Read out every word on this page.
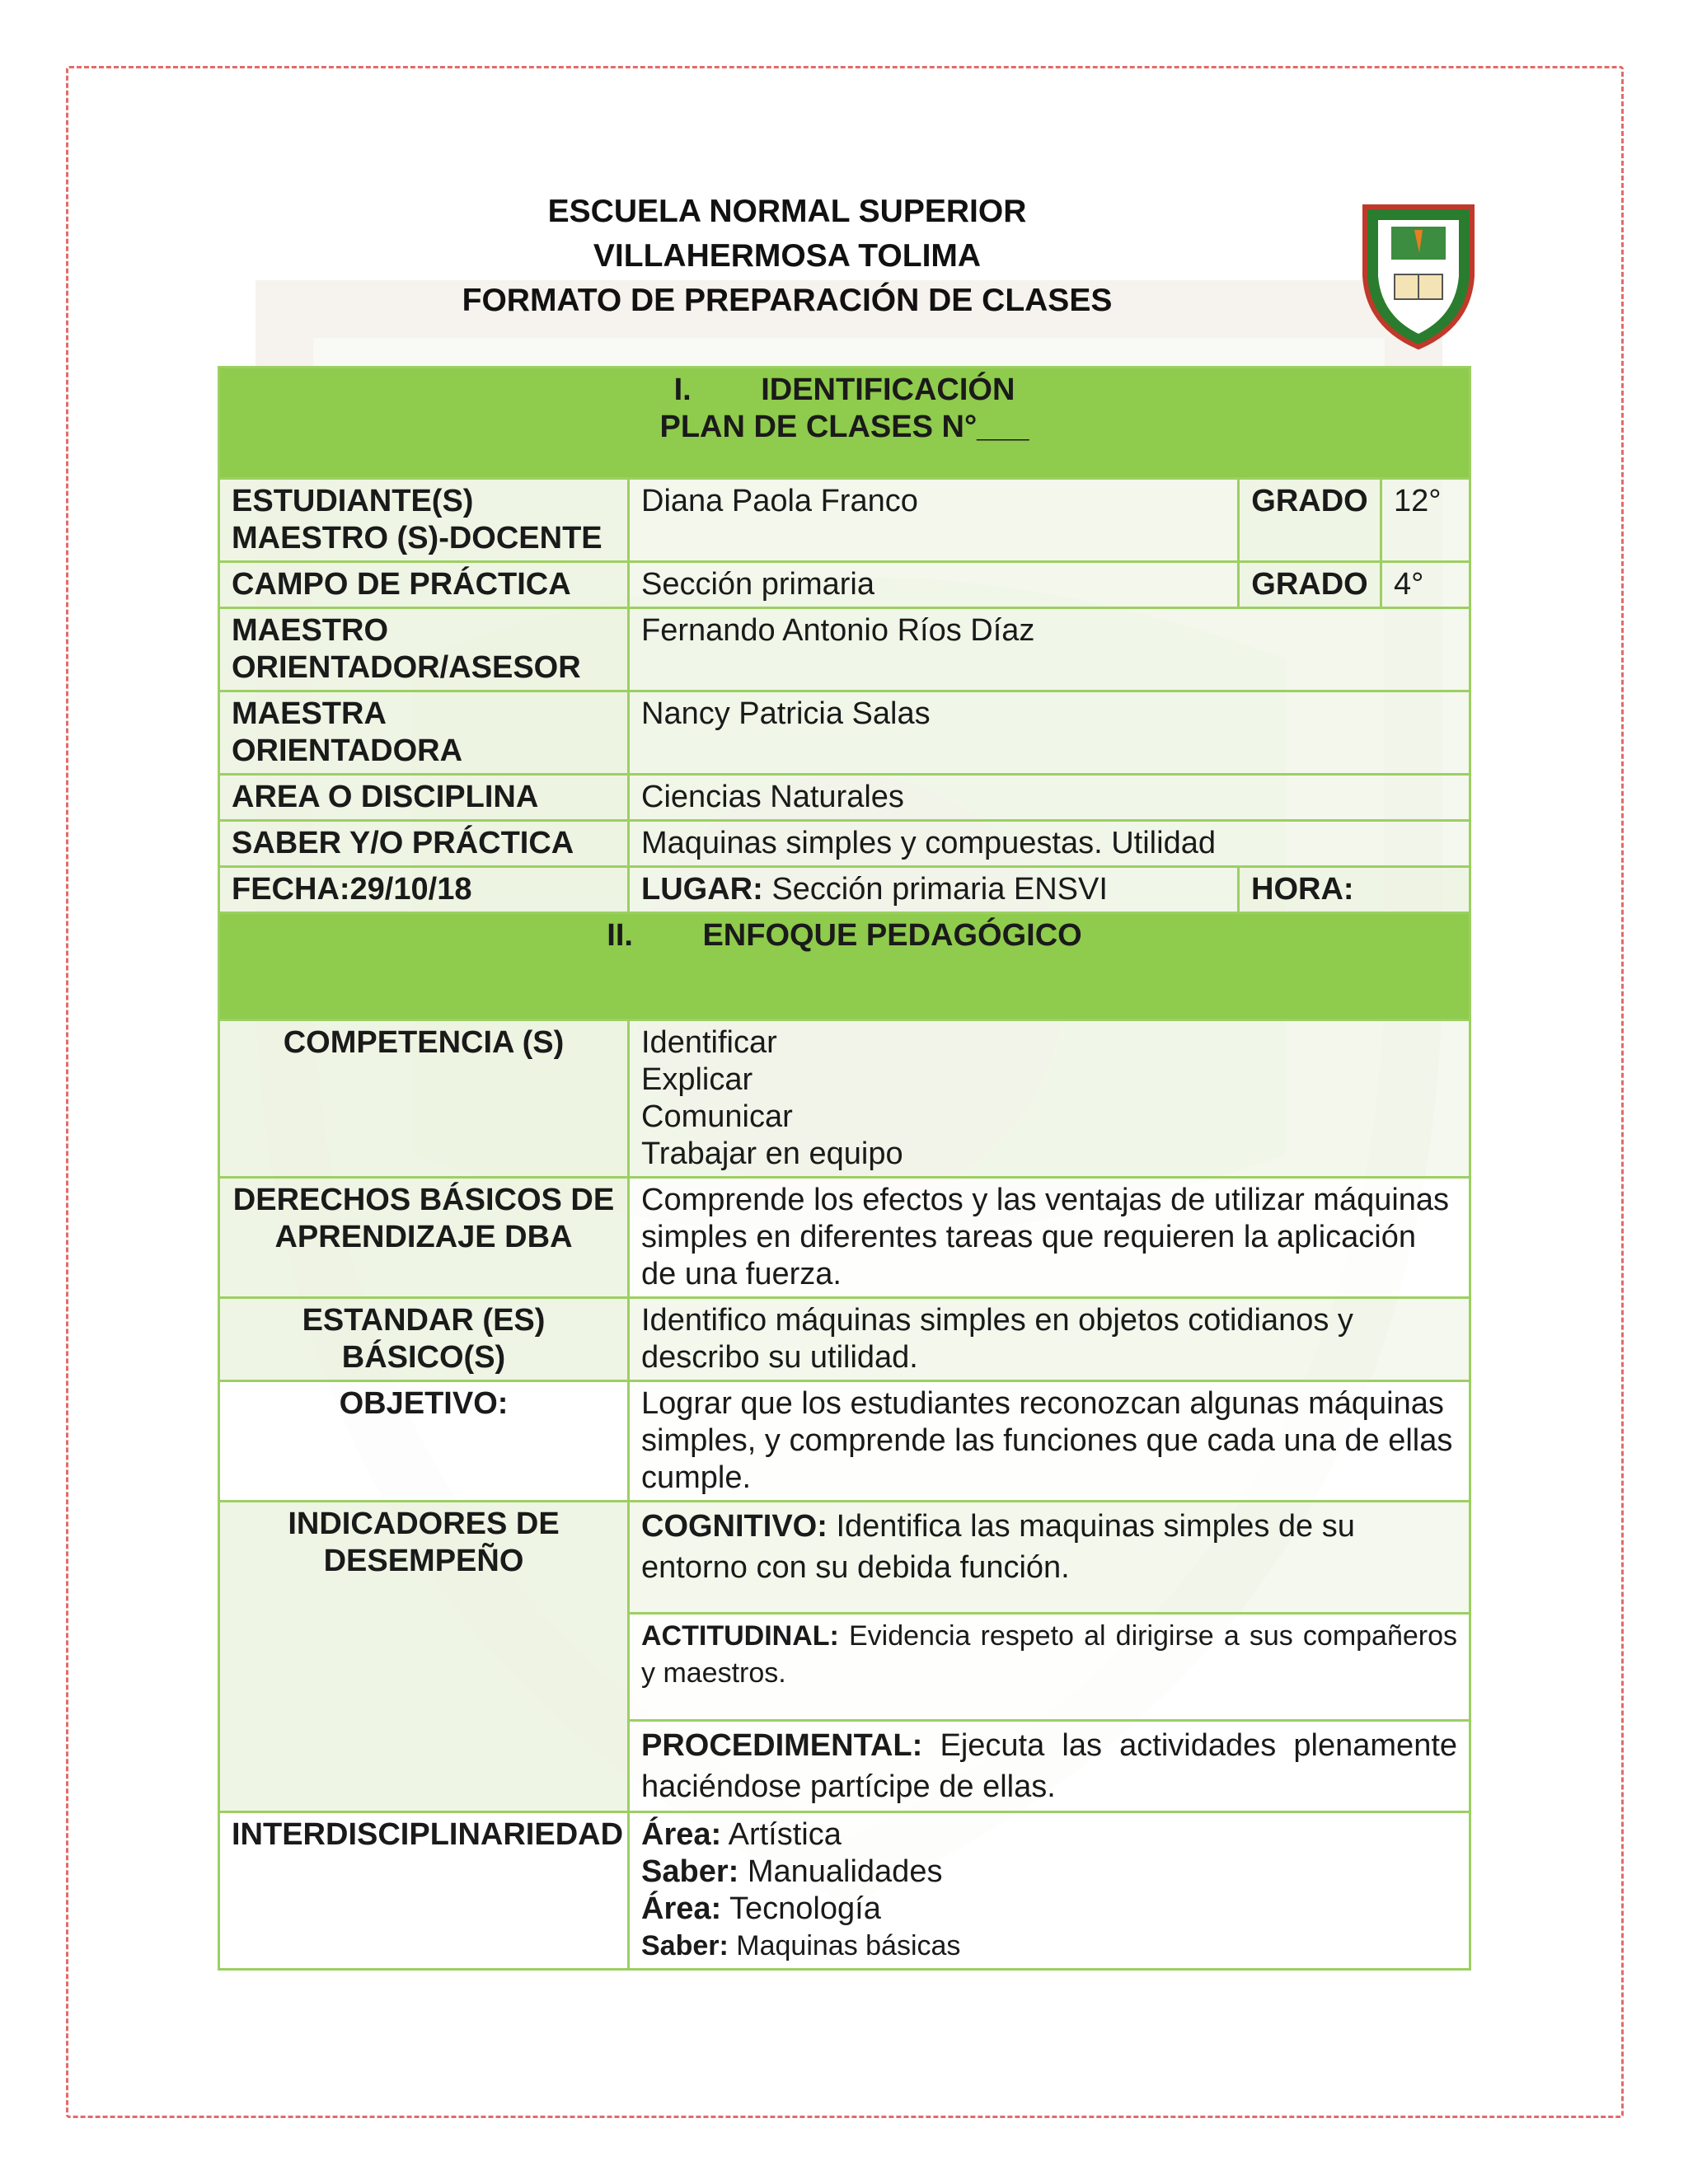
ESCUELA NORMAL SUPERIOR
VILLAHERMOSA TOLIMA
FORMATO DE PREPARACIÓN DE CLASES
I. IDENTIFICACIÓN
PLAN DE CLASES N°___			

ESTUDIANTE(S) MAESTRO (S)-DOCENTE	Diana Paola Franco	GRADO	12°
CAMPO DE PRÁCTICA	Sección primaria	GRADO	4°
MAESTRO ORIENTADOR/ASESOR	Fernando Antonio Ríos Díaz		
MAESTRA ORIENTADORA	Nancy Patricia Salas		
AREA O DISCIPLINA	Ciencias Naturales		
SABER Y/O PRÁCTICA	Maquinas simples y compuestas. Utilidad		
FECHA:29/10/18	LUGAR: Sección primaria ENSVI	HORA:	
II. ENFOQUE PEDAGÓGICO			
COMPETENCIA (S)	Identificar
Explicar
Comunicar
Trabajar en equipo		

DERECHOS BÁSICOS DE APRENDIZAJE DBA	Comprende los efectos y las ventajas de utilizar máquinas simples en diferentes tareas que requieren la aplicación de una fuerza.		
ESTANDAR (ES) BÁSICO(S)	Identifico máquinas simples en objetos cotidianos y describo su utilidad.		
OBJETIVO:	Lograr que los estudiantes reconozcan algunas máquinas simples, y comprende las funciones que cada una de ellas cumple.		
INDICADORES DE DESEMPEÑO	COGNITIVO: Identifica las maquinas simples de su entorno con su debida función.		
	ACTITUDINAL: Evidencia respeto al dirigirse a sus compañeros y maestros.		
	PROCEDIMENTAL: Ejecuta las actividades plenamente haciéndose partícipe de ellas.		
INTERDISCIPLINARIEDAD	Área: Artística
Saber: Manualidades
Área: Tecnología
Saber: Maquinas básicas		
